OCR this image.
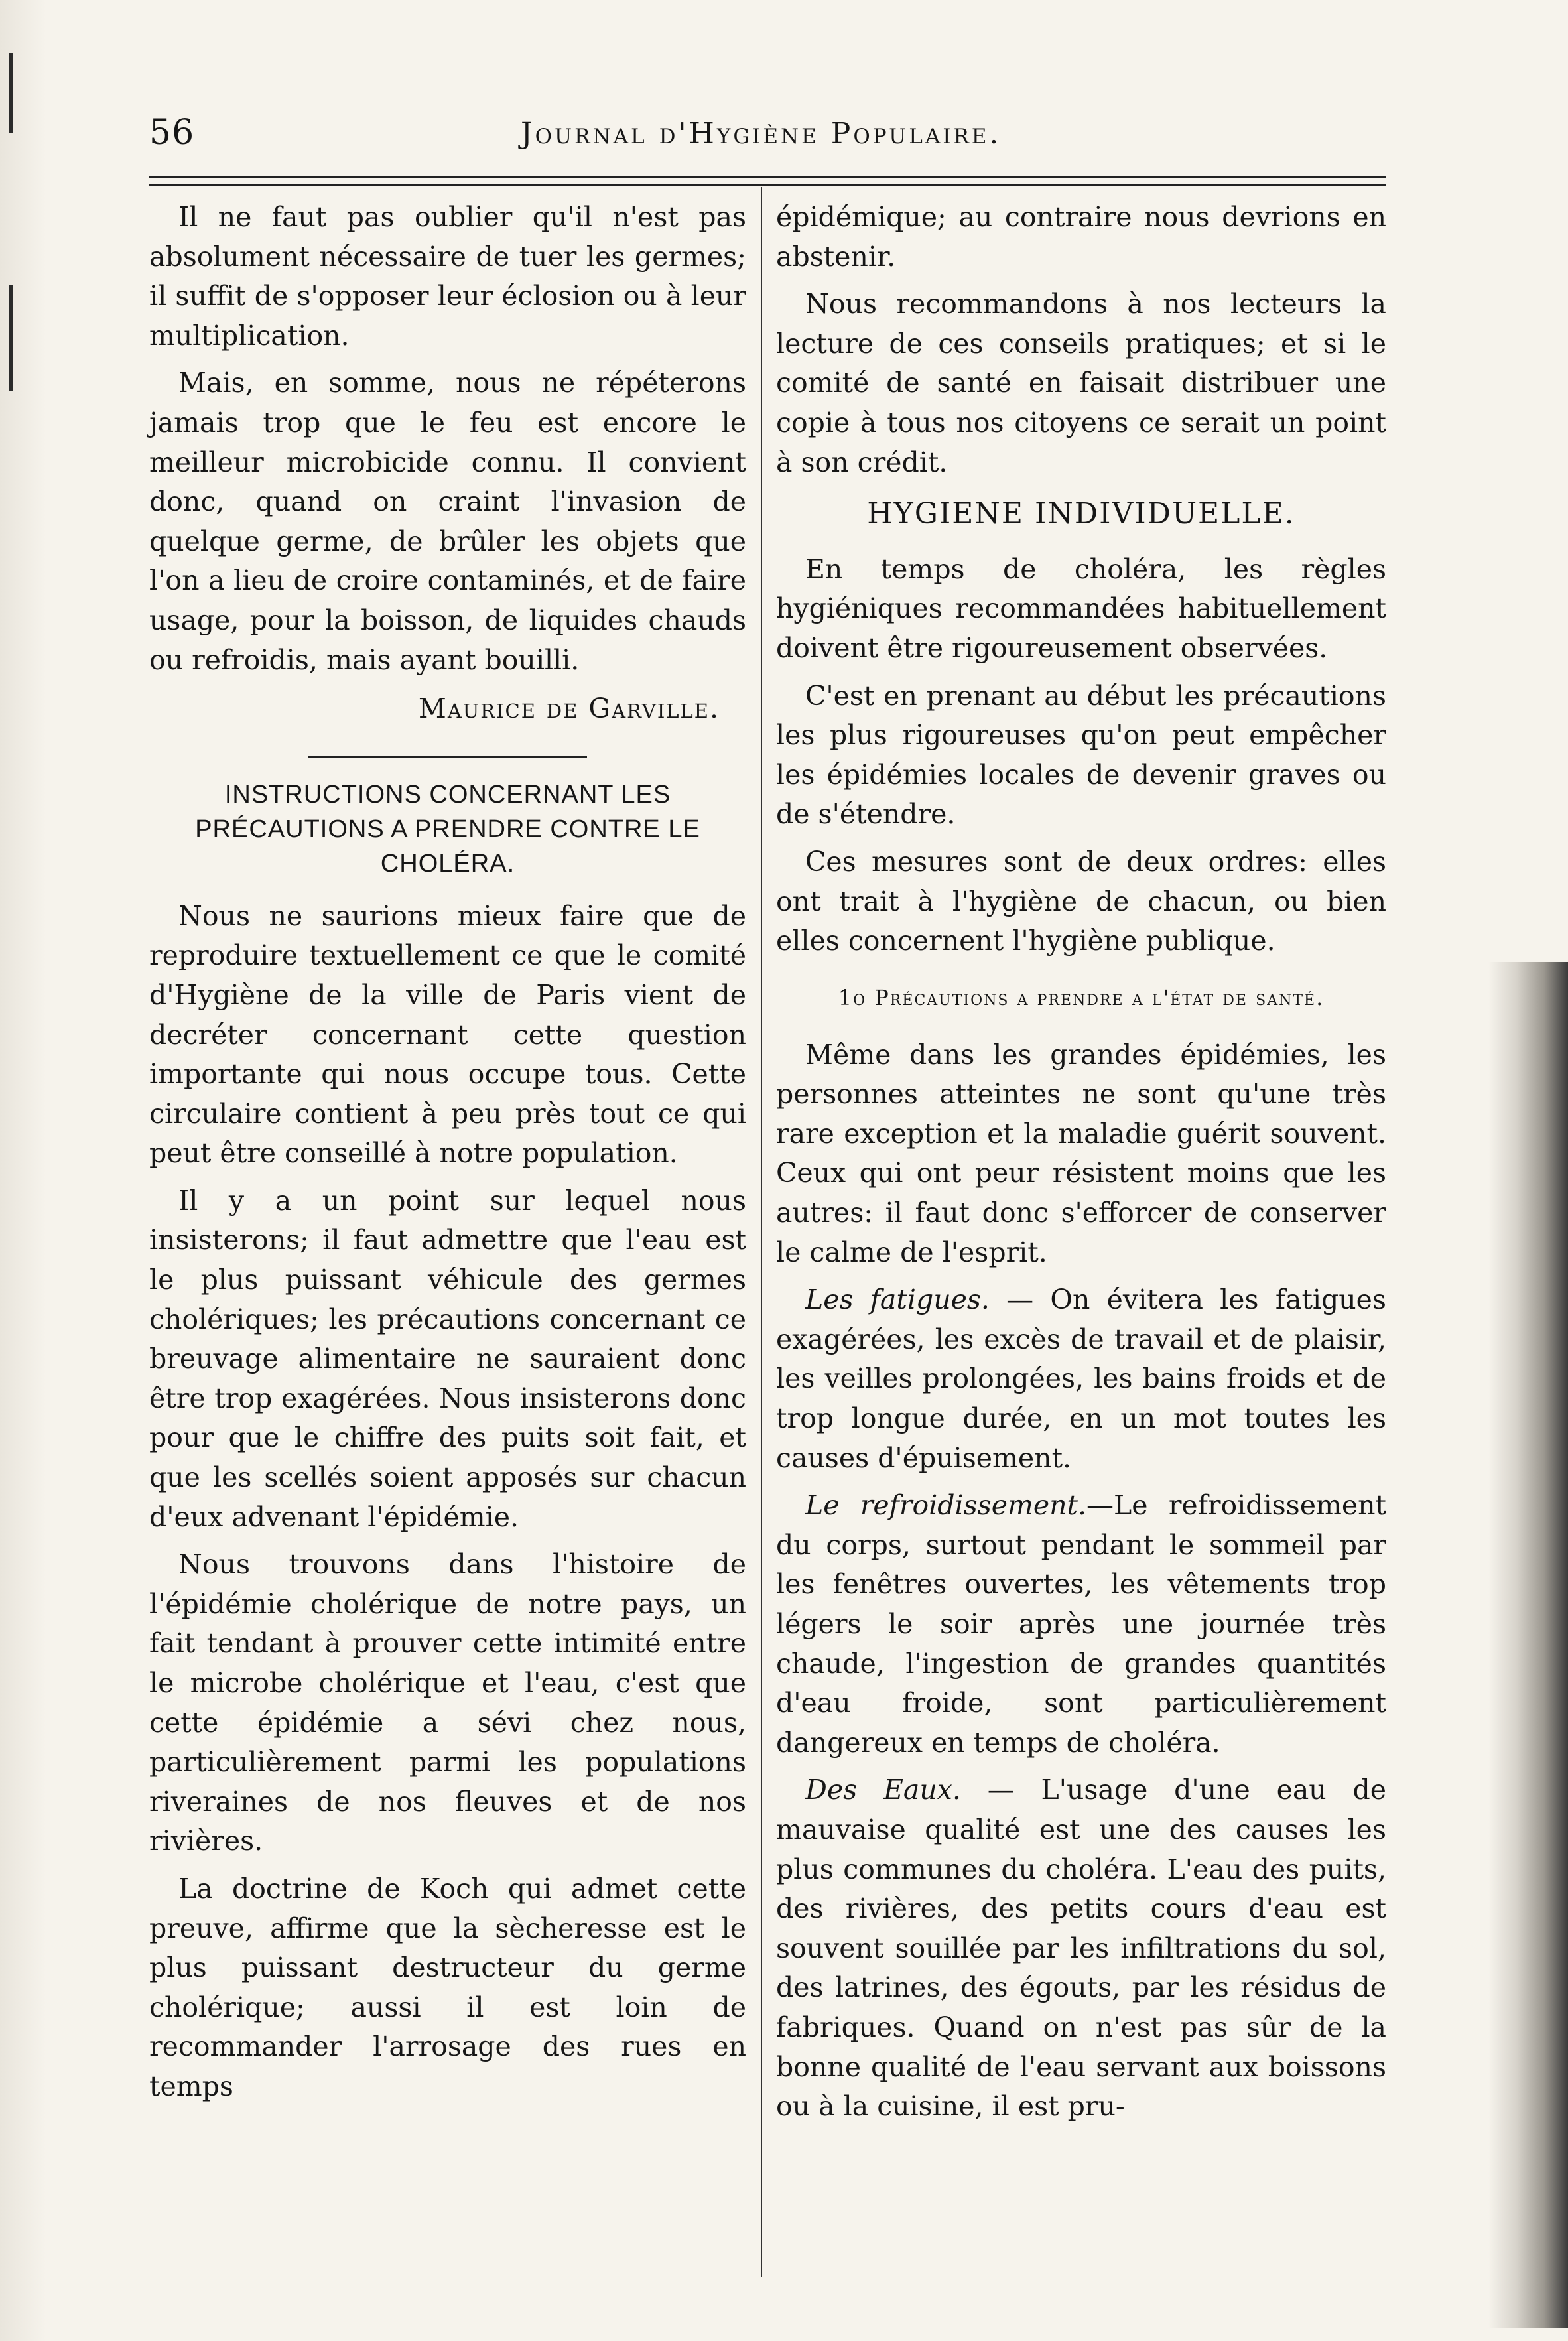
56	Journal d'Hygiène Populaire.

Il ne faut pas oublier qu'il n'est pas absolument nécessaire de tuer les germes; il suffit de s'opposer leur éclosion ou à leur multiplication.

Mais, en somme, nous ne répéterons jamais trop que le feu est encore le meilleur microbicide connu. Il convient donc, quand on craint l'invasion de quelque germe, de brûler les objets que l'on a lieu de croire contaminés, et de faire usage, pour la boisson, de liquides chauds ou refroidis, mais ayant bouilli.

Maurice de Garville.

INSTRUCTIONS CONCERNANT LES PRÉCAUTIONS A PRENDRE CONTRE LE CHOLÉRA.

Nous ne saurions mieux faire que de reproduire textuellement ce que le comité d'Hygiène de la ville de Paris vient de decréter concernant cette question importante qui nous occupe tous. Cette circulaire contient à peu près tout ce qui peut être conseillé à notre population.

Il y a un point sur lequel nous insisterons; il faut admettre que l'eau est le plus puissant véhicule des germes cholériques; les précautions concernant ce breuvage alimentaire ne sauraient donc être trop exagérées. Nous insisterons donc pour que le chiffre des puits soit fait, et que les scellés soient apposés sur chacun d'eux advenant l'épidémie.

Nous trouvons dans l'histoire de l'épidémie cholérique de notre pays, un fait tendant à prouver cette intimité entre le microbe cholérique et l'eau, c'est que cette épidémie a sévi chez nous, particulièrement parmi les populations riveraines de nos fleuves et de nos rivières.

La doctrine de Koch qui admet cette preuve, affirme que la sècheresse est le plus puissant destructeur du germe cholérique; aussi il est loin de recommander l'arrosage des rues en temps

épidémique; au contraire nous devrions en abstenir.

Nous recommandons à nos lecteurs la lecture de ces conseils pratiques; et si le comité de santé en faisait distribuer une copie à tous nos citoyens ce serait un point à son crédit.

HYGIENE INDIVIDUELLE.

En temps de choléra, les règles hygiéniques recommandées habituellement doivent être rigoureusement observées.

C'est en prenant au début les précautions les plus rigoureuses qu'on peut empêcher les épidémies locales de devenir graves ou de s'étendre.

Ces mesures sont de deux ordres: elles ont trait à l'hygiène de chacun, ou bien elles concernent l'hygiène publique.

1o Précautions a prendre a l'état de santé.

Même dans les grandes épidémies, les personnes atteintes ne sont qu'une très rare exception et la maladie guérit souvent. Ceux qui ont peur résistent moins que les autres: il faut donc s'efforcer de conserver le calme de l'esprit.

Les fatigues. — On évitera les fatigues exagérées, les excès de travail et de plaisir, les veilles prolongées, les bains froids et de trop longue durée, en un mot toutes les causes d'épuisement.

Le refroidissement.—Le refroidissement du corps, surtout pendant le sommeil par les fenêtres ouvertes, les vêtements trop légers le soir après une journée très chaude, l'ingestion de grandes quantités d'eau froide, sont particulièrement dangereux en temps de choléra.

Des Eaux. — L'usage d'une eau de mauvaise qualité est une des causes les plus communes du choléra. L'eau des puits, des rivières, des petits cours d'eau est souvent souillée par les infiltrations du sol, des latrines, des égouts, par les résidus de fabriques. Quand on n'est pas sûr de la bonne qualité de l'eau servant aux boissons ou à la cuisine, il est pru-
